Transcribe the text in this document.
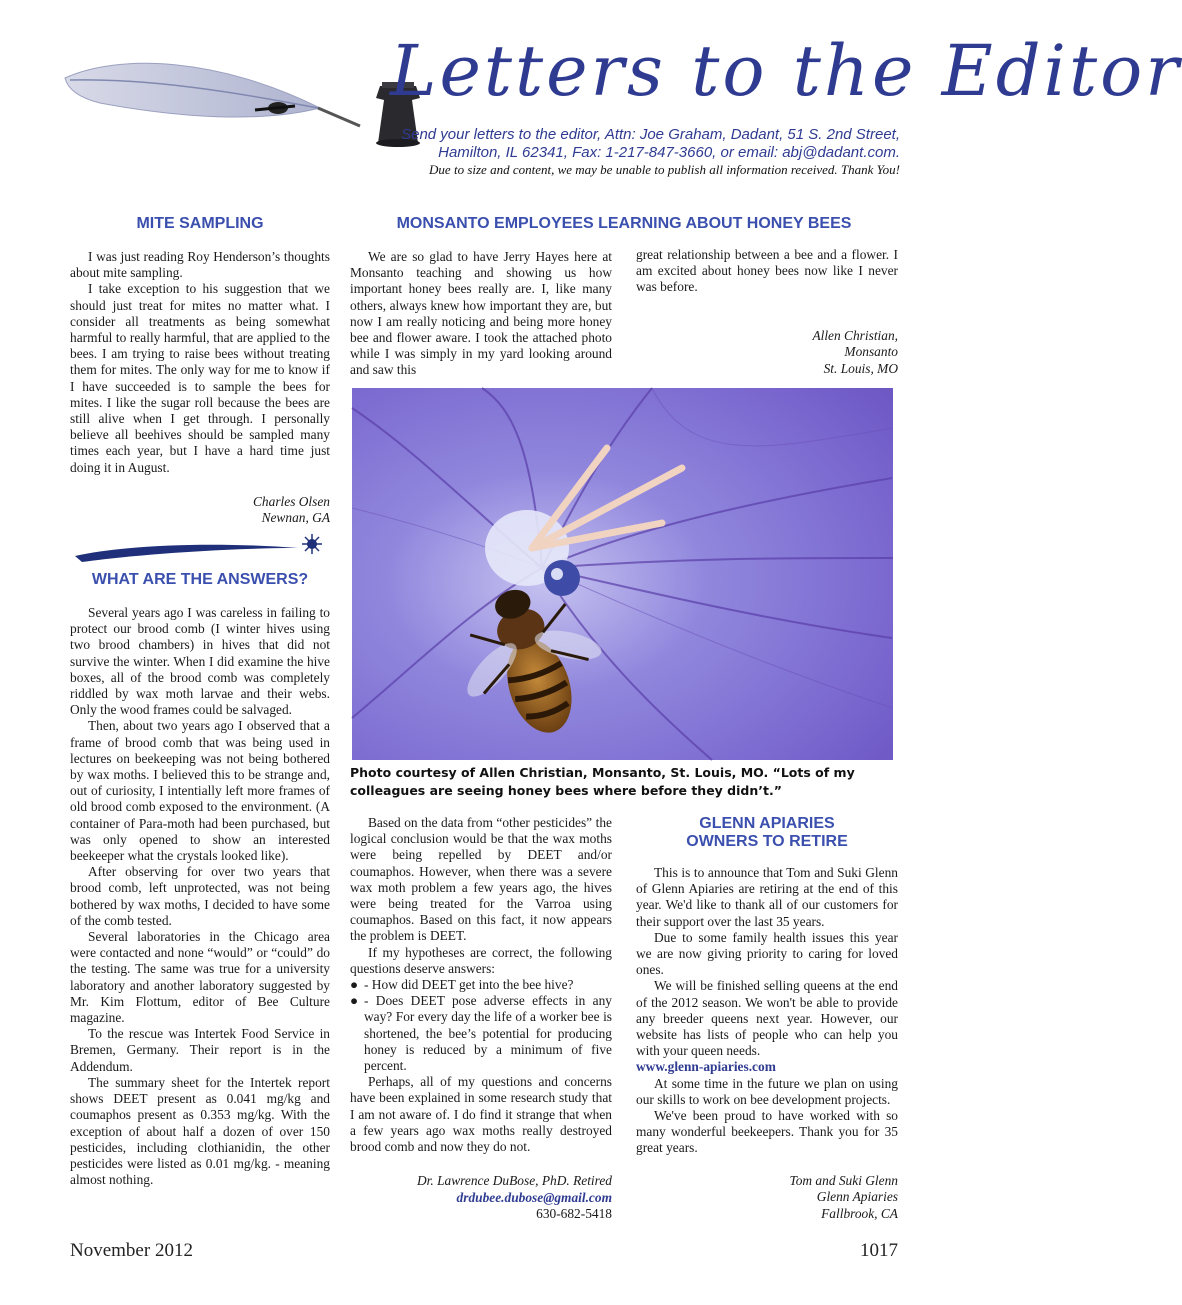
Letters to the Editor
Send your letters to the editor, Attn: Joe Graham, Dadant, 51 S. 2nd Street,
Hamilton, IL 62341, Fax: 1-217-847-3660, or email: abj@dadant.com.
Due to size and content, we may be unable to publish all information received. Thank You!
MITE SAMPLING

I was just reading Roy Henderson’s thoughts about mite sampling.

I take exception to his suggestion that we should just treat for mites no matter what. I consider all treatments as being somewhat harmful to really harmful, that are applied to the bees. I am trying to raise bees without treating them for mites. The only way for me to know if I have succeeded is to sample the bees for mites. I like the sugar roll because the bees are still alive when I get through. I personally believe all beehives should be sampled many times each year, but I have a hard time just doing it in August.

Charles Olsen
Newnan, GA
WHAT ARE THE ANSWERS?

Several years ago I was careless in failing to protect our brood comb (I winter hives using two brood chambers) in hives that did not survive the winter. When I did examine the hive boxes, all of the brood comb was completely riddled by wax moth larvae and their webs. Only the wood frames could be salvaged.

Then, about two years ago I observed that a frame of brood comb that was being used in lectures on beekeeping was not being bothered by wax moths. I believed this to be strange and, out of curiosity, I intentially left more frames of old brood comb exposed to the environment. (A container of Para-moth had been purchased, but was only opened to show an interested beekeeper what the crystals looked like).

After observing for over two years that brood comb, left unprotected, was not being bothered by wax moths, I decided to have some of the comb tested.

Several laboratories in the Chicago area were contacted and none “would” or “could” do the testing. The same was true for a university laboratory and another laboratory suggested by Mr. Kim Flottum, editor of Bee Culture magazine.

To the rescue was Intertek Food Service in Bremen, Germany. Their report is in the Addendum.

The summary sheet for the Intertek report shows DEET present as 0.041 mg/kg and coumaphos present as 0.353 mg/kg. With the exception of about half a dozen of over 150 pesticides, including clothianidin, the other pesticides were listed as 0.01 mg/kg. - meaning almost nothing.

Based on the data from “other pesticides” the logical conclusion would be that the wax moths were being repelled by DEET and/or coumaphos. However, when there was a severe wax moth problem a few years ago, the hives were being treated for the Varroa using coumaphos. Based on this fact, it now appears the problem is DEET.

If my hypotheses are correct, the following questions deserve answers:

● - How did DEET get into the bee hive?

● - Does DEET pose adverse effects in any way? For every day the life of a worker bee is shortened, the bee’s potential for producing honey is reduced by a minimum of five percent.

Perhaps, all of my questions and concerns have been explained in some research study that I am not aware of. I do find it strange that when a few years ago wax moths really destroyed brood comb and now they do not.

Dr. Lawrence DuBose, PhD. Retired
drdubee.dubose@gmail.com
630-682-5418
MONSANTO EMPLOYEES LEARNING ABOUT HONEY BEES

We are so glad to have Jerry Hayes here at Monsanto teaching and showing us how important honey bees really are. I, like many others, always knew how important they are, but now I am really noticing and being more honey bee and flower aware. I took the attached photo while I was simply in my yard looking around and saw this

great relationship between a bee and a flower. I am excited about honey bees now like I never was before.

Allen Christian,
Monsanto
St. Louis, MO
Photo courtesy of Allen Christian, Monsanto, St. Louis, MO. “Lots of my colleagues are seeing honey bees where before they didn’t.”
GLENN APIARIES
OWNERS TO RETIRE

This is to announce that Tom and Suki Glenn of Glenn Apiaries are retiring at the end of this year. We'd like to thank all of our customers for their support over the last 35 years.

Due to some family health issues this year we are now giving priority to caring for loved ones.

We will be finished selling queens at the end of the 2012 season. We won't be able to provide any breeder queens next year. However, our website has lists of people who can help you with your queen needs.

www.glenn-apiaries.com

At some time in the future we plan on using our skills to work on bee development projects.

We've been proud to have worked with so many wonderful beekeepers. Thank you for 35 great years.

Tom and Suki Glenn
Glenn Apiaries
Fallbrook, CA
November 2012	1017
